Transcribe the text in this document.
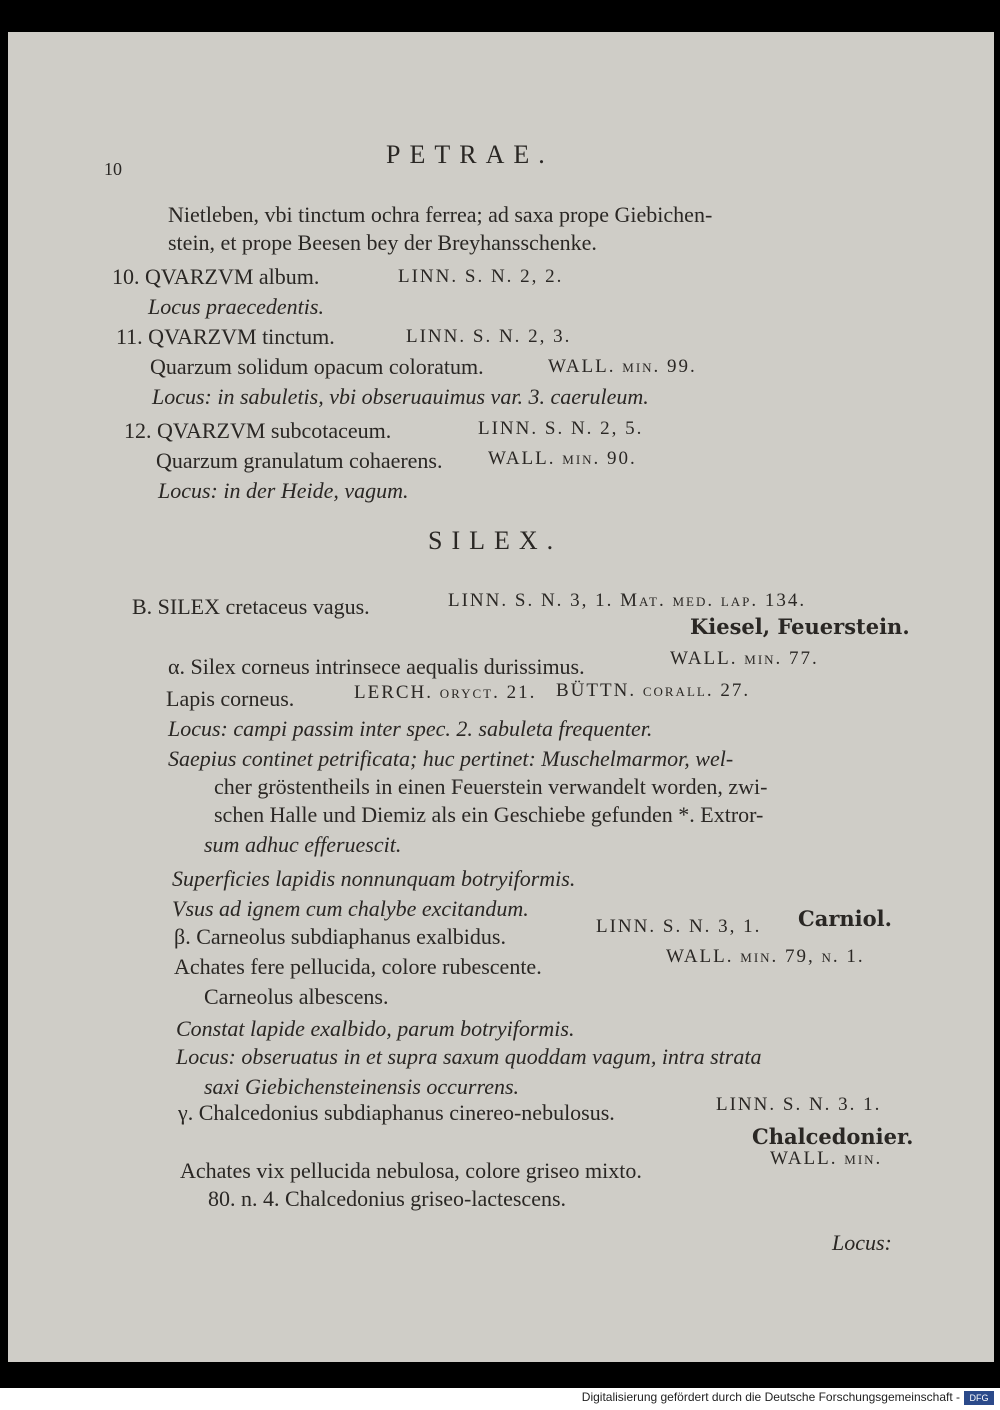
10	PETRAE.
Nietleben, vbi tinctum ochra ferrea; ad saxa prope Giebichen-
stein, et prope Beesen bey der Breyhansschenke.
10. QVARZVM album.	LINN. S. N. 2, 2.
Locus praecedentis.
11. QVARZVM tinctum.	LINN. S. N. 2, 3.
Quarzum solidum opacum coloratum.	WALL. min. 99.
Locus: in sabuletis, vbi obseruauimus var. 3. caeruleum.
12. QVARZVM subcotaceum.	LINN. S. N. 2, 5.
Quarzum granulatum cohaerens. WALL. min. 90.
Locus: in der Heide, vagum.
SILEX.
B. SILEX cretaceus vagus.	LINN. S. N. 3, 1. Mat. med. lap. 134.
Kiesel, Feuerstein.
α. Silex corneus intrinsece aequalis durissimus.	WALL. min. 77.
Lapis corneus.	LERCH. oryct. 21. BÜTTN. corall. 27.
Locus: campi passim inter spec. 2. sabuleta frequenter.
Saepius continet petrificata; huc pertinet: Muschelmarmor, wel-
cher gröstentheils in einen Feuerstein verwandelt worden, zwi-
schen Halle und Diemiz als ein Geschiebe gefunden *. Extror-
sum adhuc efferuescit.
Superficies lapidis nonnunquam botryiformis.
Vsus ad ignem cum chalybe excitandum.
β. Carneolus subdiaphanus exalbidus.	LINN. S. N. 3, 1. Carniol.
Achates fere pellucida, colore rubescente.	WALL. min. 79, n. 1.
Carneolus albescens.
Constat lapide exalbido, parum botryiformis.
Locus: obseruatus in et supra saxum quoddam vagum, intra strata
saxi Giebichensteinensis occurrens.
γ. Chalcedonius subdiaphanus cinereo-nebulosus.	LINN. S. N. 3. 1.
Chalcedonier.
Achates vix pellucida nebulosa, colore griseo mixto.	WALL. min.
80. n. 4. Chalcedonius griseo-lactescens.
Locus:
Digitalisierung gefördert durch die Deutsche Forschungsgemeinschaft -	DFG
